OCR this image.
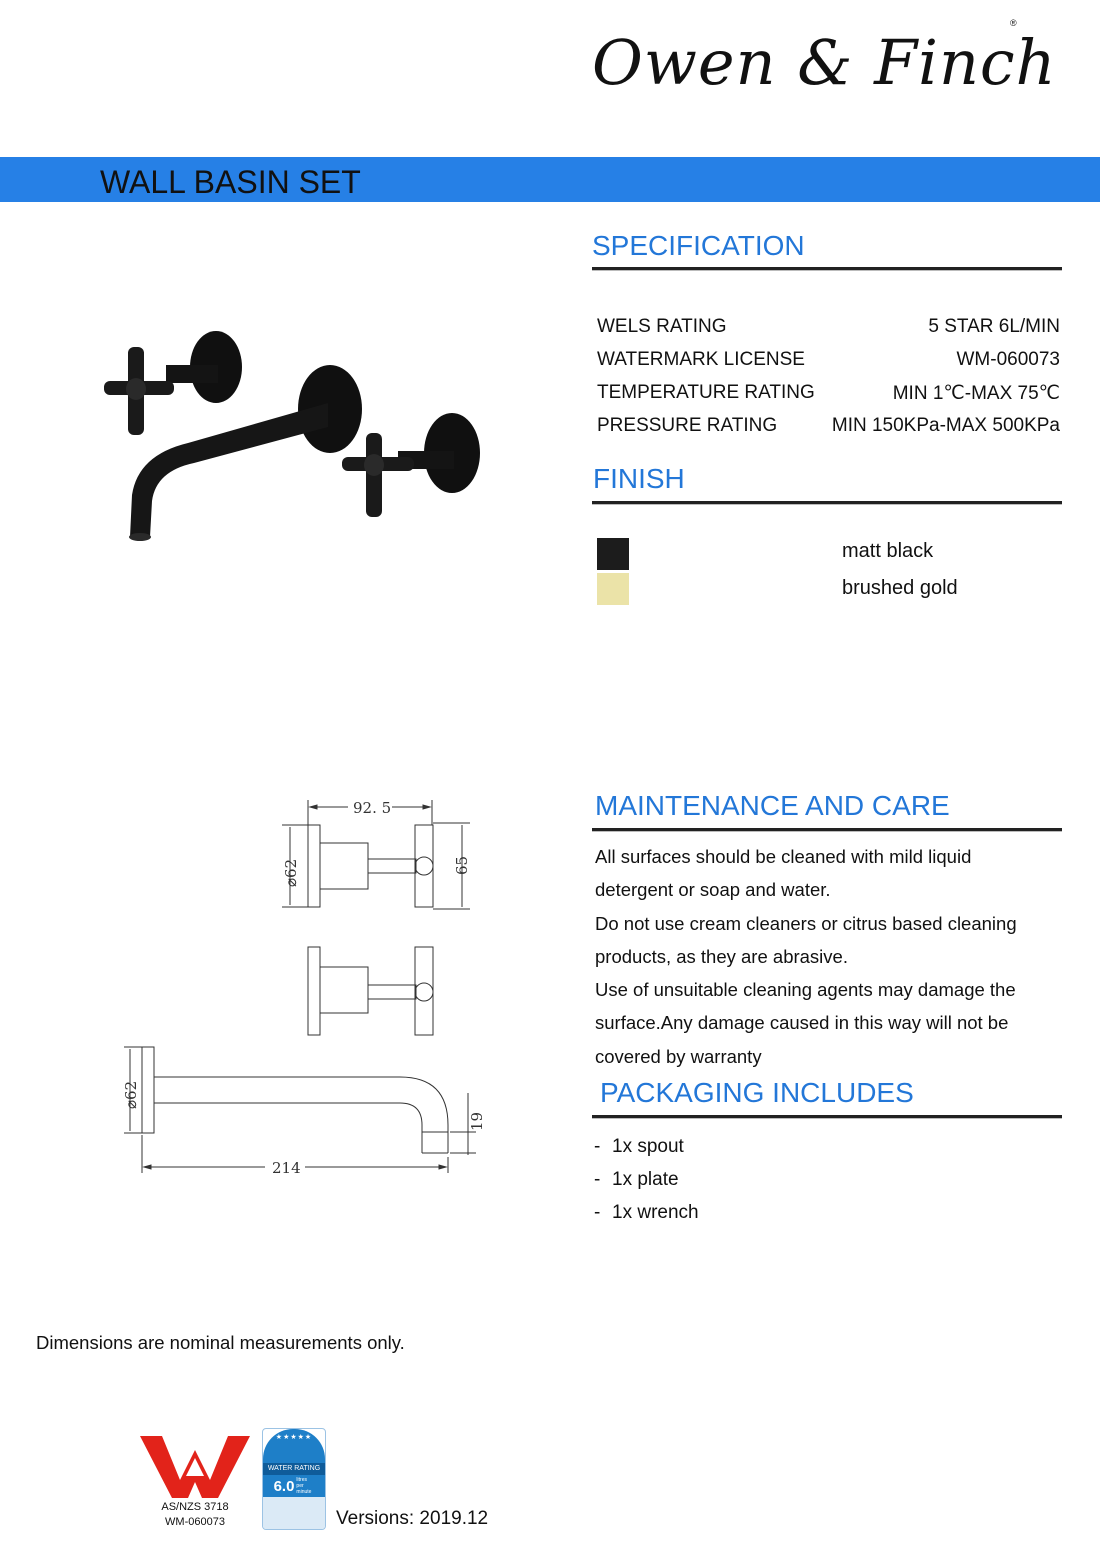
Owen & Finch
®
WALL BASIN SET
SPECIFICATION
WELS RATING	5 STAR 6L/MIN
WATERMARK LICENSE	WM-060073
TEMPERATURE RATING	MIN 1℃-MAX 75℃
PRESSURE RATING	MIN 150KPa-MAX 500KPa
FINISH
matt black
brushed gold
92. 5
⌀62	65
⌀62
214
19
MAINTENANCE AND CARE
All surfaces should be cleaned with mild liquid
detergent or soap and water.
Do not use cream cleaners or citrus based cleaning
products, as they are abrasive.
Use of unsuitable cleaning agents may damage the
surface.Any damage caused in this way will not be
covered by warranty
PACKAGING INCLUDES
- 1x spout
- 1x plate
- 1x wrench
Dimensions are nominal measurements only.
AS/NZS 3718
WM-060073
★★★★★
WATER RATING
6.0 litres per minute
Versions: 2019.12
